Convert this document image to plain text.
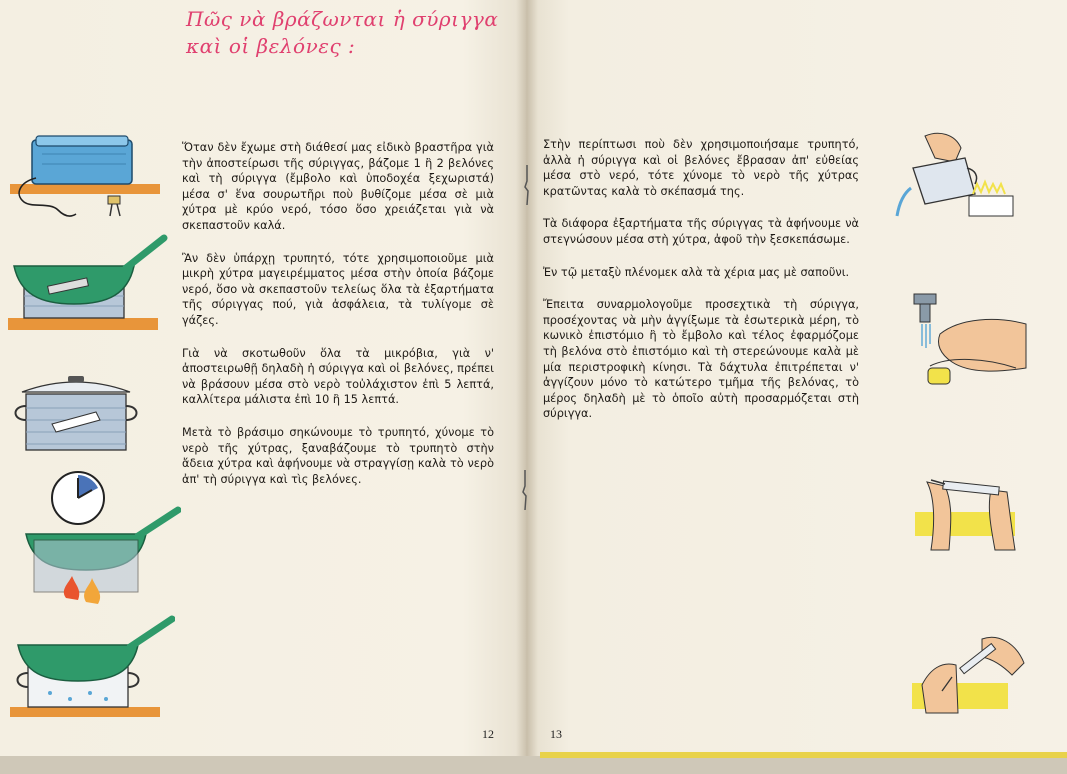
Πῶς νὰ βράζωνται ἡ σύριγγα
καὶ οἱ βελόνες :

Ὅταν δὲν ἔχωμε στὴ διάθεσί μας εἰδικὸ βραστῆρα γιὰ τὴν ἀποστείρωσι τῆς σύριγγας, βάζομε 1 ἢ 2 βελόνες καὶ τὴ σύριγγα (ἔμβολο καὶ ὑποδοχέα ξεχωριστά) μέσα σ' ἕνα σουρωτῆρι ποὺ βυθίζομε μέσα σὲ μιὰ χύτρα μὲ κρύο νερό, τόσο ὅσο χρειάζεται γιὰ νὰ σκεπαστοῦν καλά.

Ἂν δὲν ὑπάρχῃ τρυπητό, τότε χρησιμοποιοῦμε μιὰ μικρὴ χύτρα μαγειρέμματος μέσα στὴν ὁποία βάζομε νερό, ὅσο νὰ σκεπαστοῦν τελείως ὅλα τὰ ἐξαρτήματα τῆς σύριγγας πού, γιὰ ἀσφάλεια, τὰ τυλίγομε σὲ γάζες.

Γιὰ νὰ σκοτωθοῦν ὅλα τὰ μικρόβια, γιὰ ν' ἀποστειρωθῇ δηλαδὴ ἡ σύριγγα καὶ οἱ βελόνες, πρέπει νὰ βράσουν μέσα στὸ νερὸ τοὐλάχιστον ἐπὶ 5 λεπτά, καλλίτερα μάλιστα ἐπὶ 10 ἢ 15 λεπτά.

Μετὰ τὸ βράσιμο σηκώνουμε τὸ τρυπητό, χύνομε τὸ νερὸ τῆς χύτρας, ξαναβάζουμε τὸ τρυπητὸ στὴν ἄδεια χύτρα καὶ ἀφήνουμε νὰ στραγγίσῃ καλὰ τὸ νερὸ ἀπ' τὴ σύριγγα καὶ τὶς βελόνες.

Στὴν περίπτωσι ποὺ δὲν χρησιμοποιήσαμε τρυπητό, ἀλλὰ ἡ σύριγγα καὶ οἱ βελόνες ἔβρασαν ἀπ' εὐθείας μέσα στὸ νερό, τότε χύνομε τὸ νερὸ τῆς χύτρας κρατῶντας καλὰ τὸ σκέπασμά της.

Τὰ διάφορα ἐξαρτήματα τῆς σύριγγας τὰ ἀφήνουμε νὰ στεγνώσουν μέσα στὴ χύτρα, ἀφοῦ τὴν ξεσκεπάσωμε.

Ἐν τῷ μεταξὺ πλένομεκ αλὰ τὰ χέρια μας μὲ σαποῦνι.

Ἔπειτα συναρμολογοῦμε προσεχτικὰ τὴ σύριγγα, προσέχοντας νὰ μὴν ἀγγίξωμε τὰ ἐσωτερικὰ μέρη, τὸ κωνικὸ ἐπιστόμιο ἢ τὸ ἔμβολο καὶ τέλος ἐφαρμόζομε τὴ βελόνα στὸ ἐπιστόμιο καὶ τὴ στερεώνουμε καλὰ μὲ μία περιστροφικὴ κίνησι. Τὰ δάχτυλα ἐπιτρέπεται ν' ἀγγίζουν μόνο τὸ κατώτερο τμῆμα τῆς βελόνας, τὸ μέρος δηλαδὴ μὲ τὸ ὁποῖο αὐτὴ προσαρμόζεται στὴ σύριγγα.

12	13
